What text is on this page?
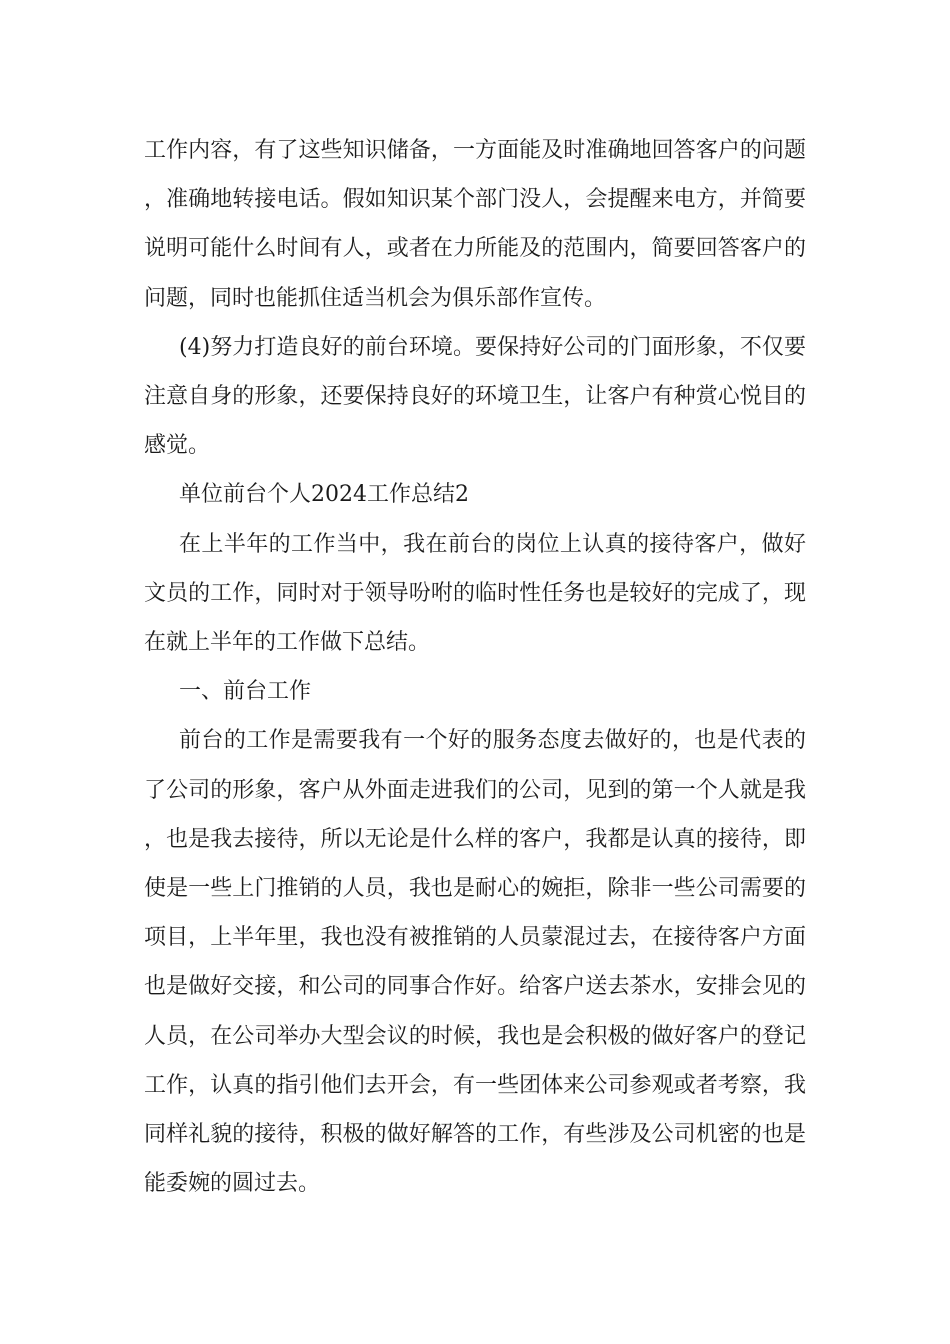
工作内容，有了这些知识储备，一方面能及时准确地回答客户的问题，准确地转接电话。假如知识某个部门没人，会提醒来电方，并简要说明可能什么时间有人，或者在力所能及的范围内，简要回答客户的问题，同时也能抓住适当机会为俱乐部作宣传。

(4)努力打造良好的前台环境。要保持好公司的门面形象，不仅要注意自身的形象，还要保持良好的环境卫生，让客户有种赏心悦目的感觉。

单位前台个人2024工作总结2

在上半年的工作当中，我在前台的岗位上认真的接待客户，做好文员的工作，同时对于领导吩咐的临时性任务也是较好的完成了，现在就上半年的工作做下总结。

一、前台工作

前台的工作是需要我有一个好的服务态度去做好的，也是代表的了公司的形象，客户从外面走进我们的公司，见到的第一个人就是我，也是我去接待，所以无论是什么样的客户，我都是认真的接待，即使是一些上门推销的人员，我也是耐心的婉拒，除非一些公司需要的项目，上半年里，我也没有被推销的人员蒙混过去，在接待客户方面也是做好交接，和公司的同事合作好。给客户送去茶水，安排会见的人员，在公司举办大型会议的时候，我也是会积极的做好客户的登记工作，认真的指引他们去开会，有一些团体来公司参观或者考察，我同样礼貌的接待，积极的做好解答的工作，有些涉及公司机密的也是能委婉的圆过去。
